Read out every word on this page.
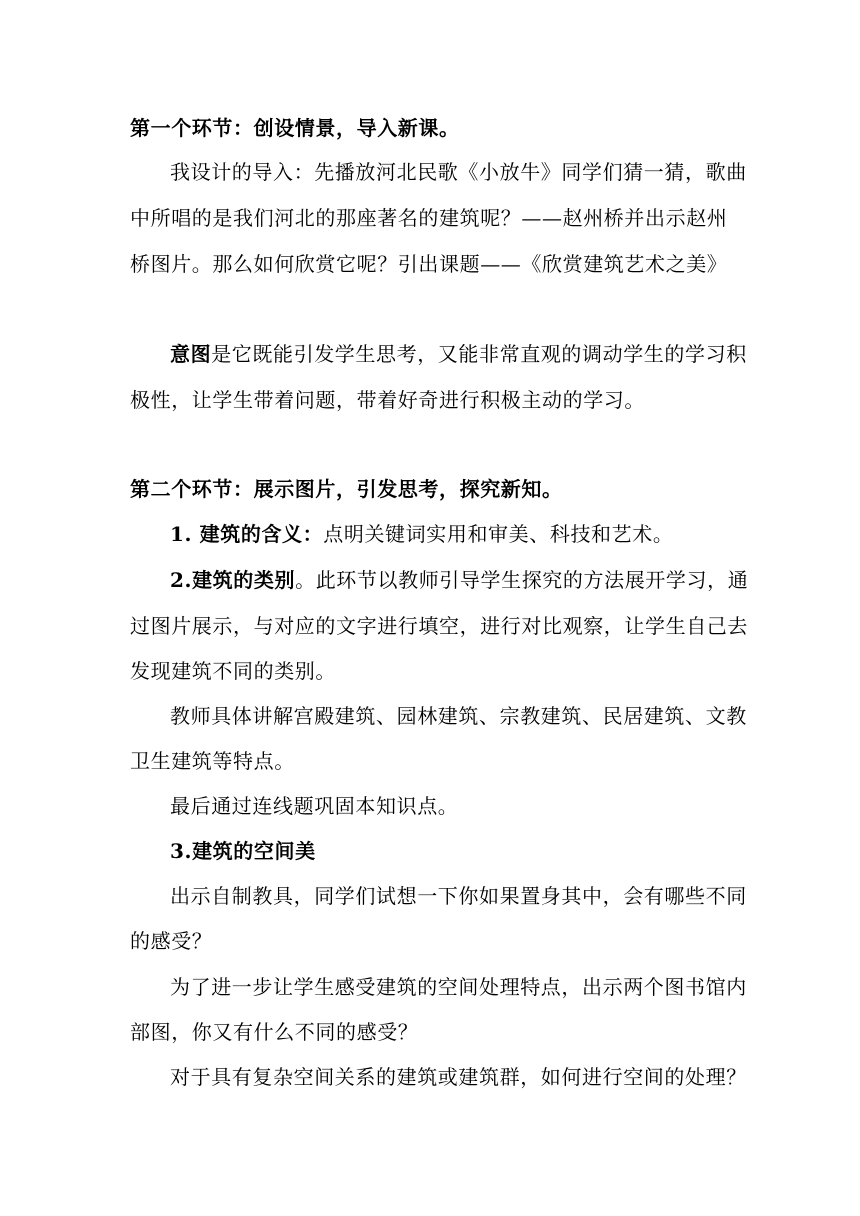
第一个环节：创设情景，导入新课。
我设计的导入：先播放河北民歌《小放牛》同学们猜一猜，歌曲
中所唱的是我们河北的那座著名的建筑呢？——赵州桥并出示赵州
桥图片。那么如何欣赏它呢？引出课题——《欣赏建筑艺术之美》
意图是它既能引发学生思考，又能非常直观的调动学生的学习积
极性，让学生带着问题，带着好奇进行积极主动的学习。
第二个环节：展示图片，引发思考，探究新知。
1. 建筑的含义：点明关键词实用和审美、科技和艺术。
2.建筑的类别。此环节以教师引导学生探究的方法展开学习，通
过图片展示，与对应的文字进行填空，进行对比观察，让学生自己去
发现建筑不同的类别。
教师具体讲解宫殿建筑、园林建筑、宗教建筑、民居建筑、文教
卫生建筑等特点。
最后通过连线题巩固本知识点。
3.建筑的空间美
出示自制教具，同学们试想一下你如果置身其中，会有哪些不同
的感受？
为了进一步让学生感受建筑的空间处理特点，出示两个图书馆内
部图，你又有什么不同的感受？
对于具有复杂空间关系的建筑或建筑群，如何进行空间的处理？
